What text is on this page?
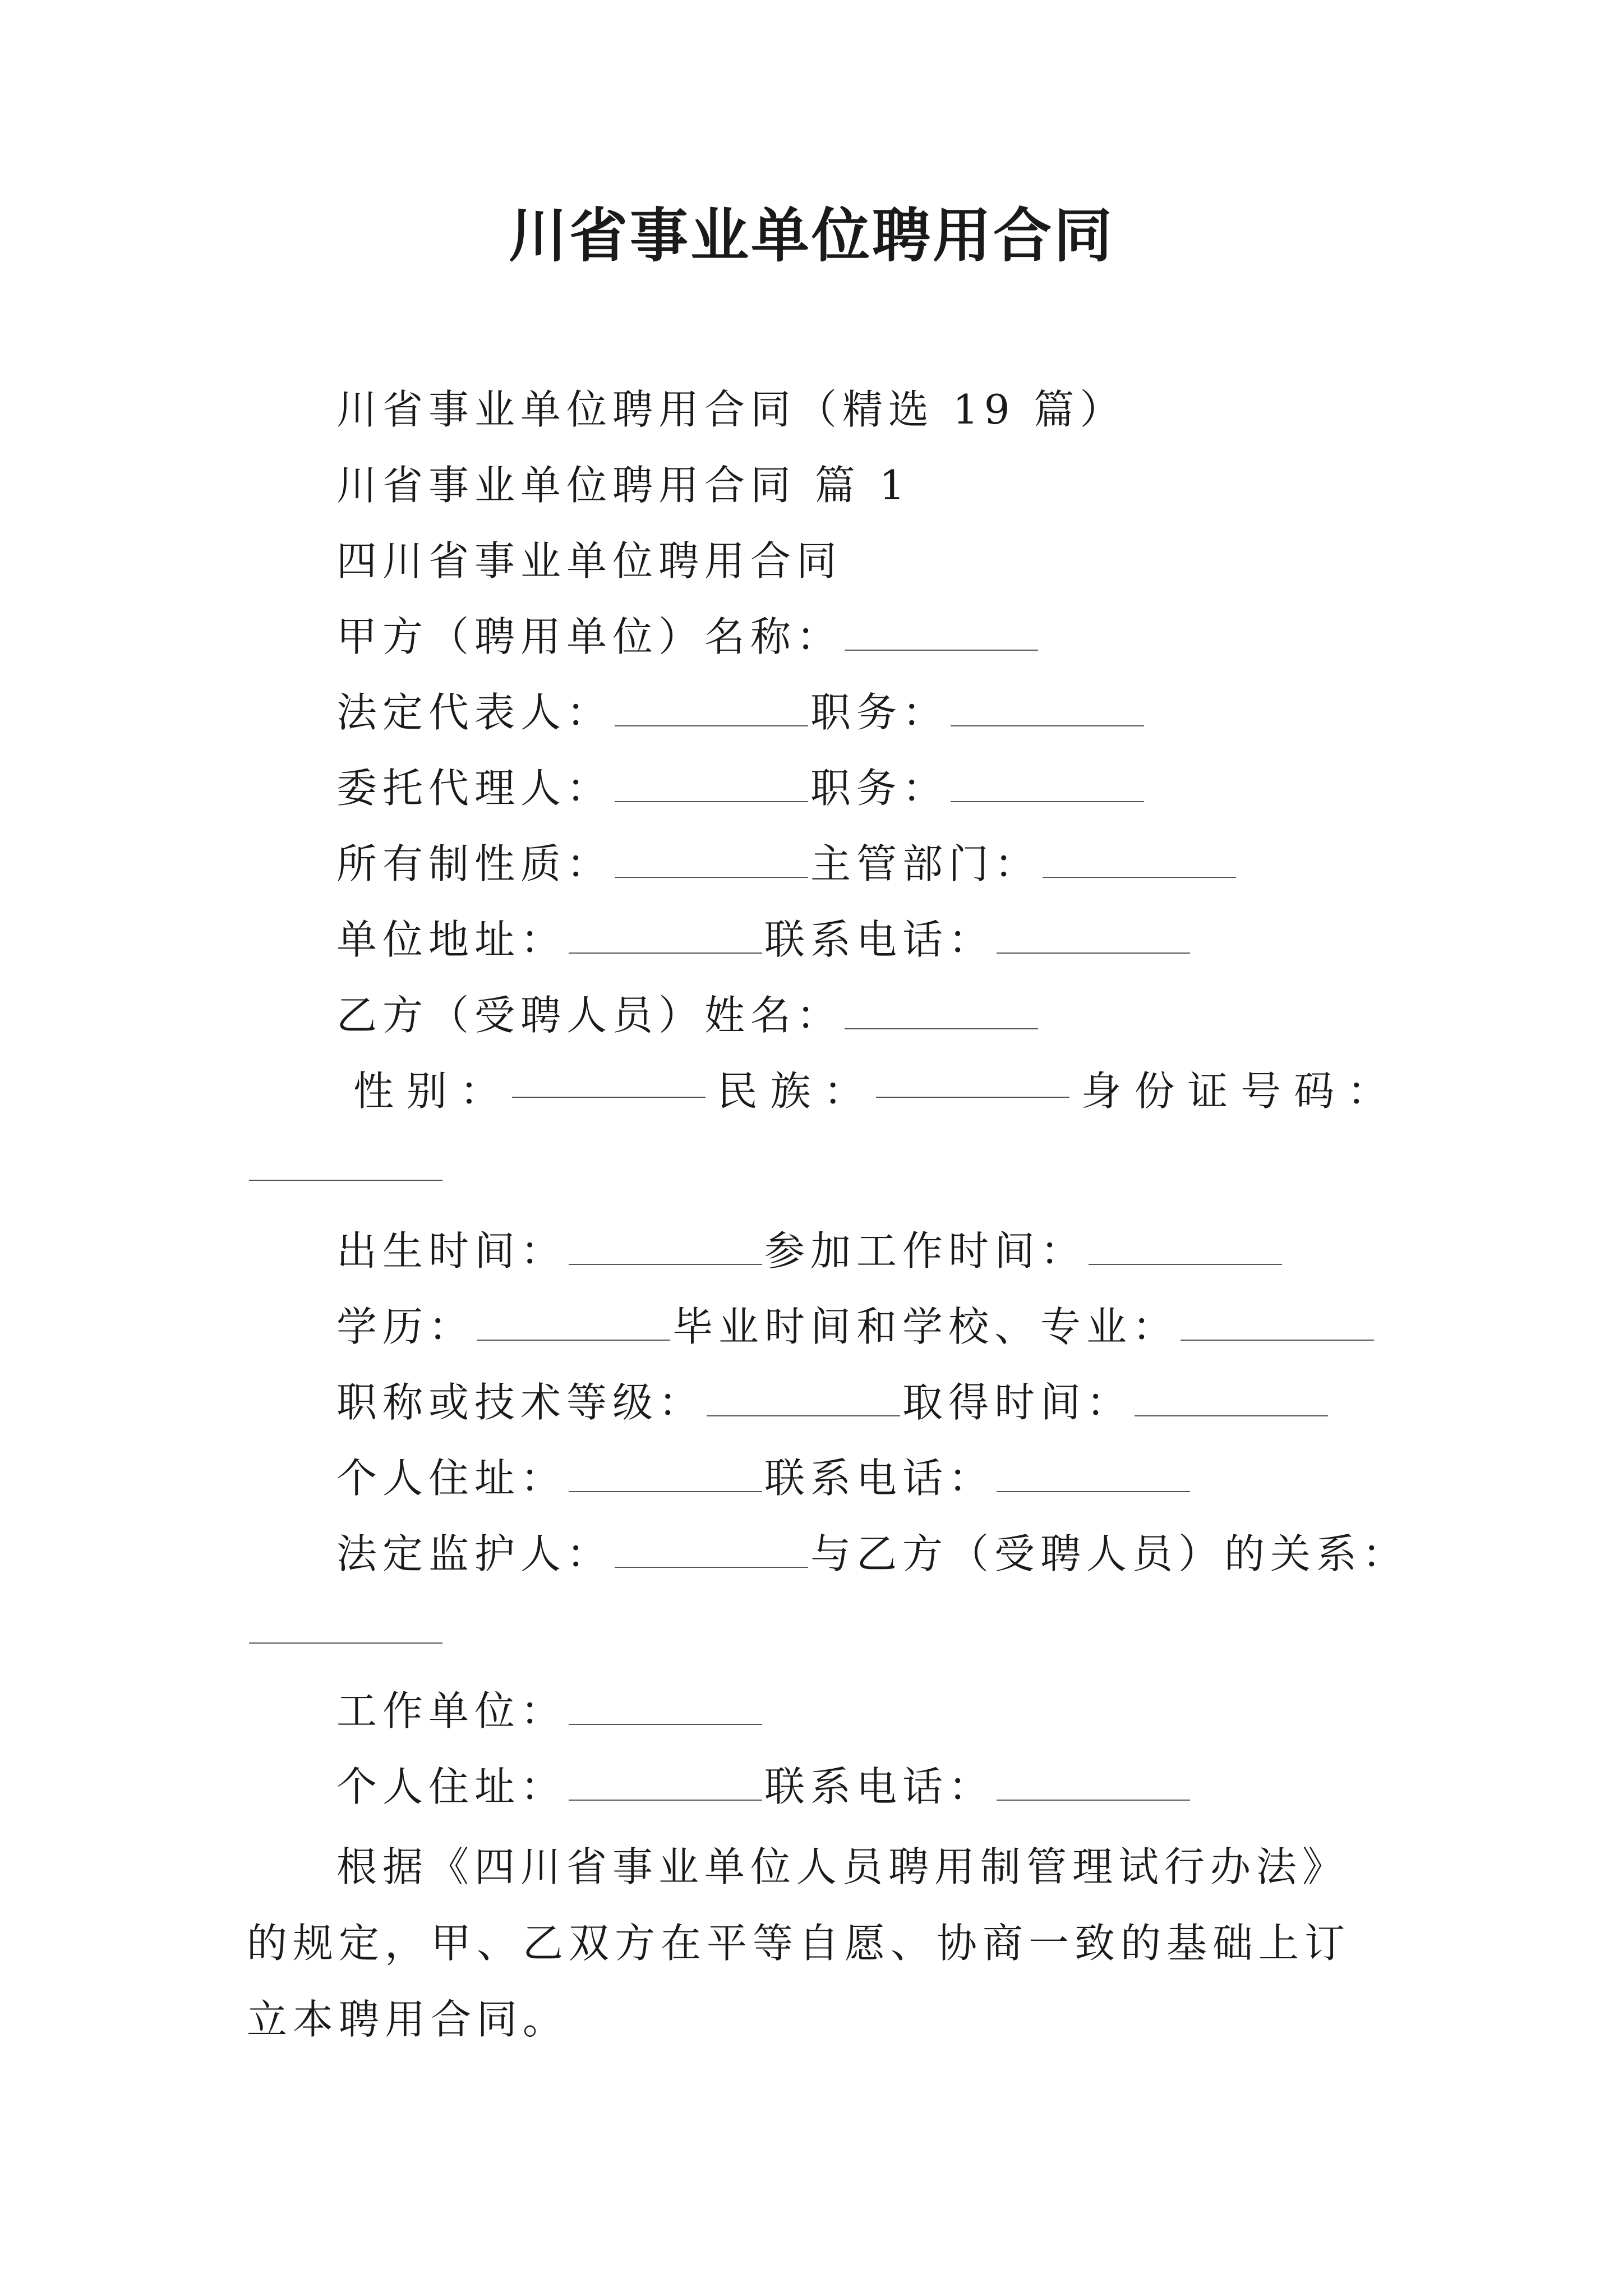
川省事业单位聘用合同
川省事业单位聘用合同（精选 19 篇）
川省事业单位聘用合同 篇 1
四川省事业单位聘用合同
甲方（聘用单位）名称：
法定代表人：	职务：
委托代理人：	职务：
所有制性质：	主管部门：
单位地址：	联系电话：
乙方（受聘人员）姓名：
性 别 ：	民 族 ：	身 份 证 号 码 ：
出生时间：	参加工作时间：
学历：	毕业时间和学校、专业：
职称或技术等级：	取得时间：
个人住址：	联系电话：
法定监护人：	与乙方（受聘人员）的关系：
工作单位：
个人住址：	联系电话：
根据《四川省事业单位人员聘用制管理试行办法》的规定，甲、乙双方在平等自愿、协商一致的基础上订立本聘用合同。
